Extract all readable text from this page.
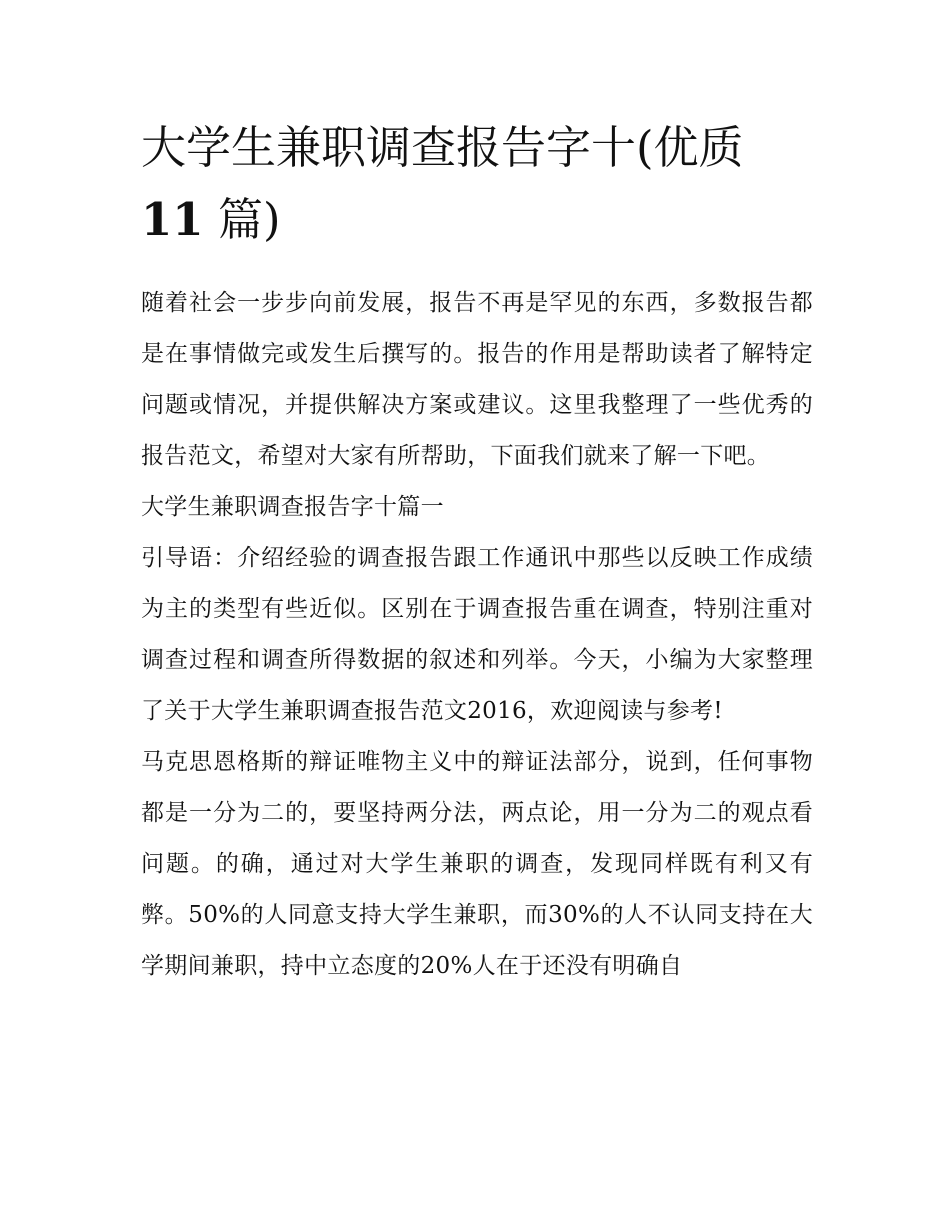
大学生兼职调查报告字十(优质
11 篇)

随着社会一步步向前发展，报告不再是罕见的东西，多数报告都是在事情做完或发生后撰写的。报告的作用是帮助读者了解特定问题或情况，并提供解决方案或建议。这里我整理了一些优秀的报告范文，希望对大家有所帮助，下面我们就来了解一下吧。

大学生兼职调查报告字十篇一

引导语：介绍经验的调查报告跟工作通讯中那些以反映工作成绩为主的类型有些近似。区别在于调查报告重在调查，特别注重对调查过程和调查所得数据的叙述和列举。今天，小编为大家整理了关于大学生兼职调查报告范文2016，欢迎阅读与参考!

马克思恩格斯的辩证唯物主义中的辩证法部分，说到，任何事物都是一分为二的，要坚持两分法，两点论，用一分为二的观点看问题。的确，通过对大学生兼职的调查，发现同样既有利又有弊。50%的人同意支持大学生兼职，而30%的人不认同支持在大学期间兼职，持中立态度的20%人在于还没有明确自
